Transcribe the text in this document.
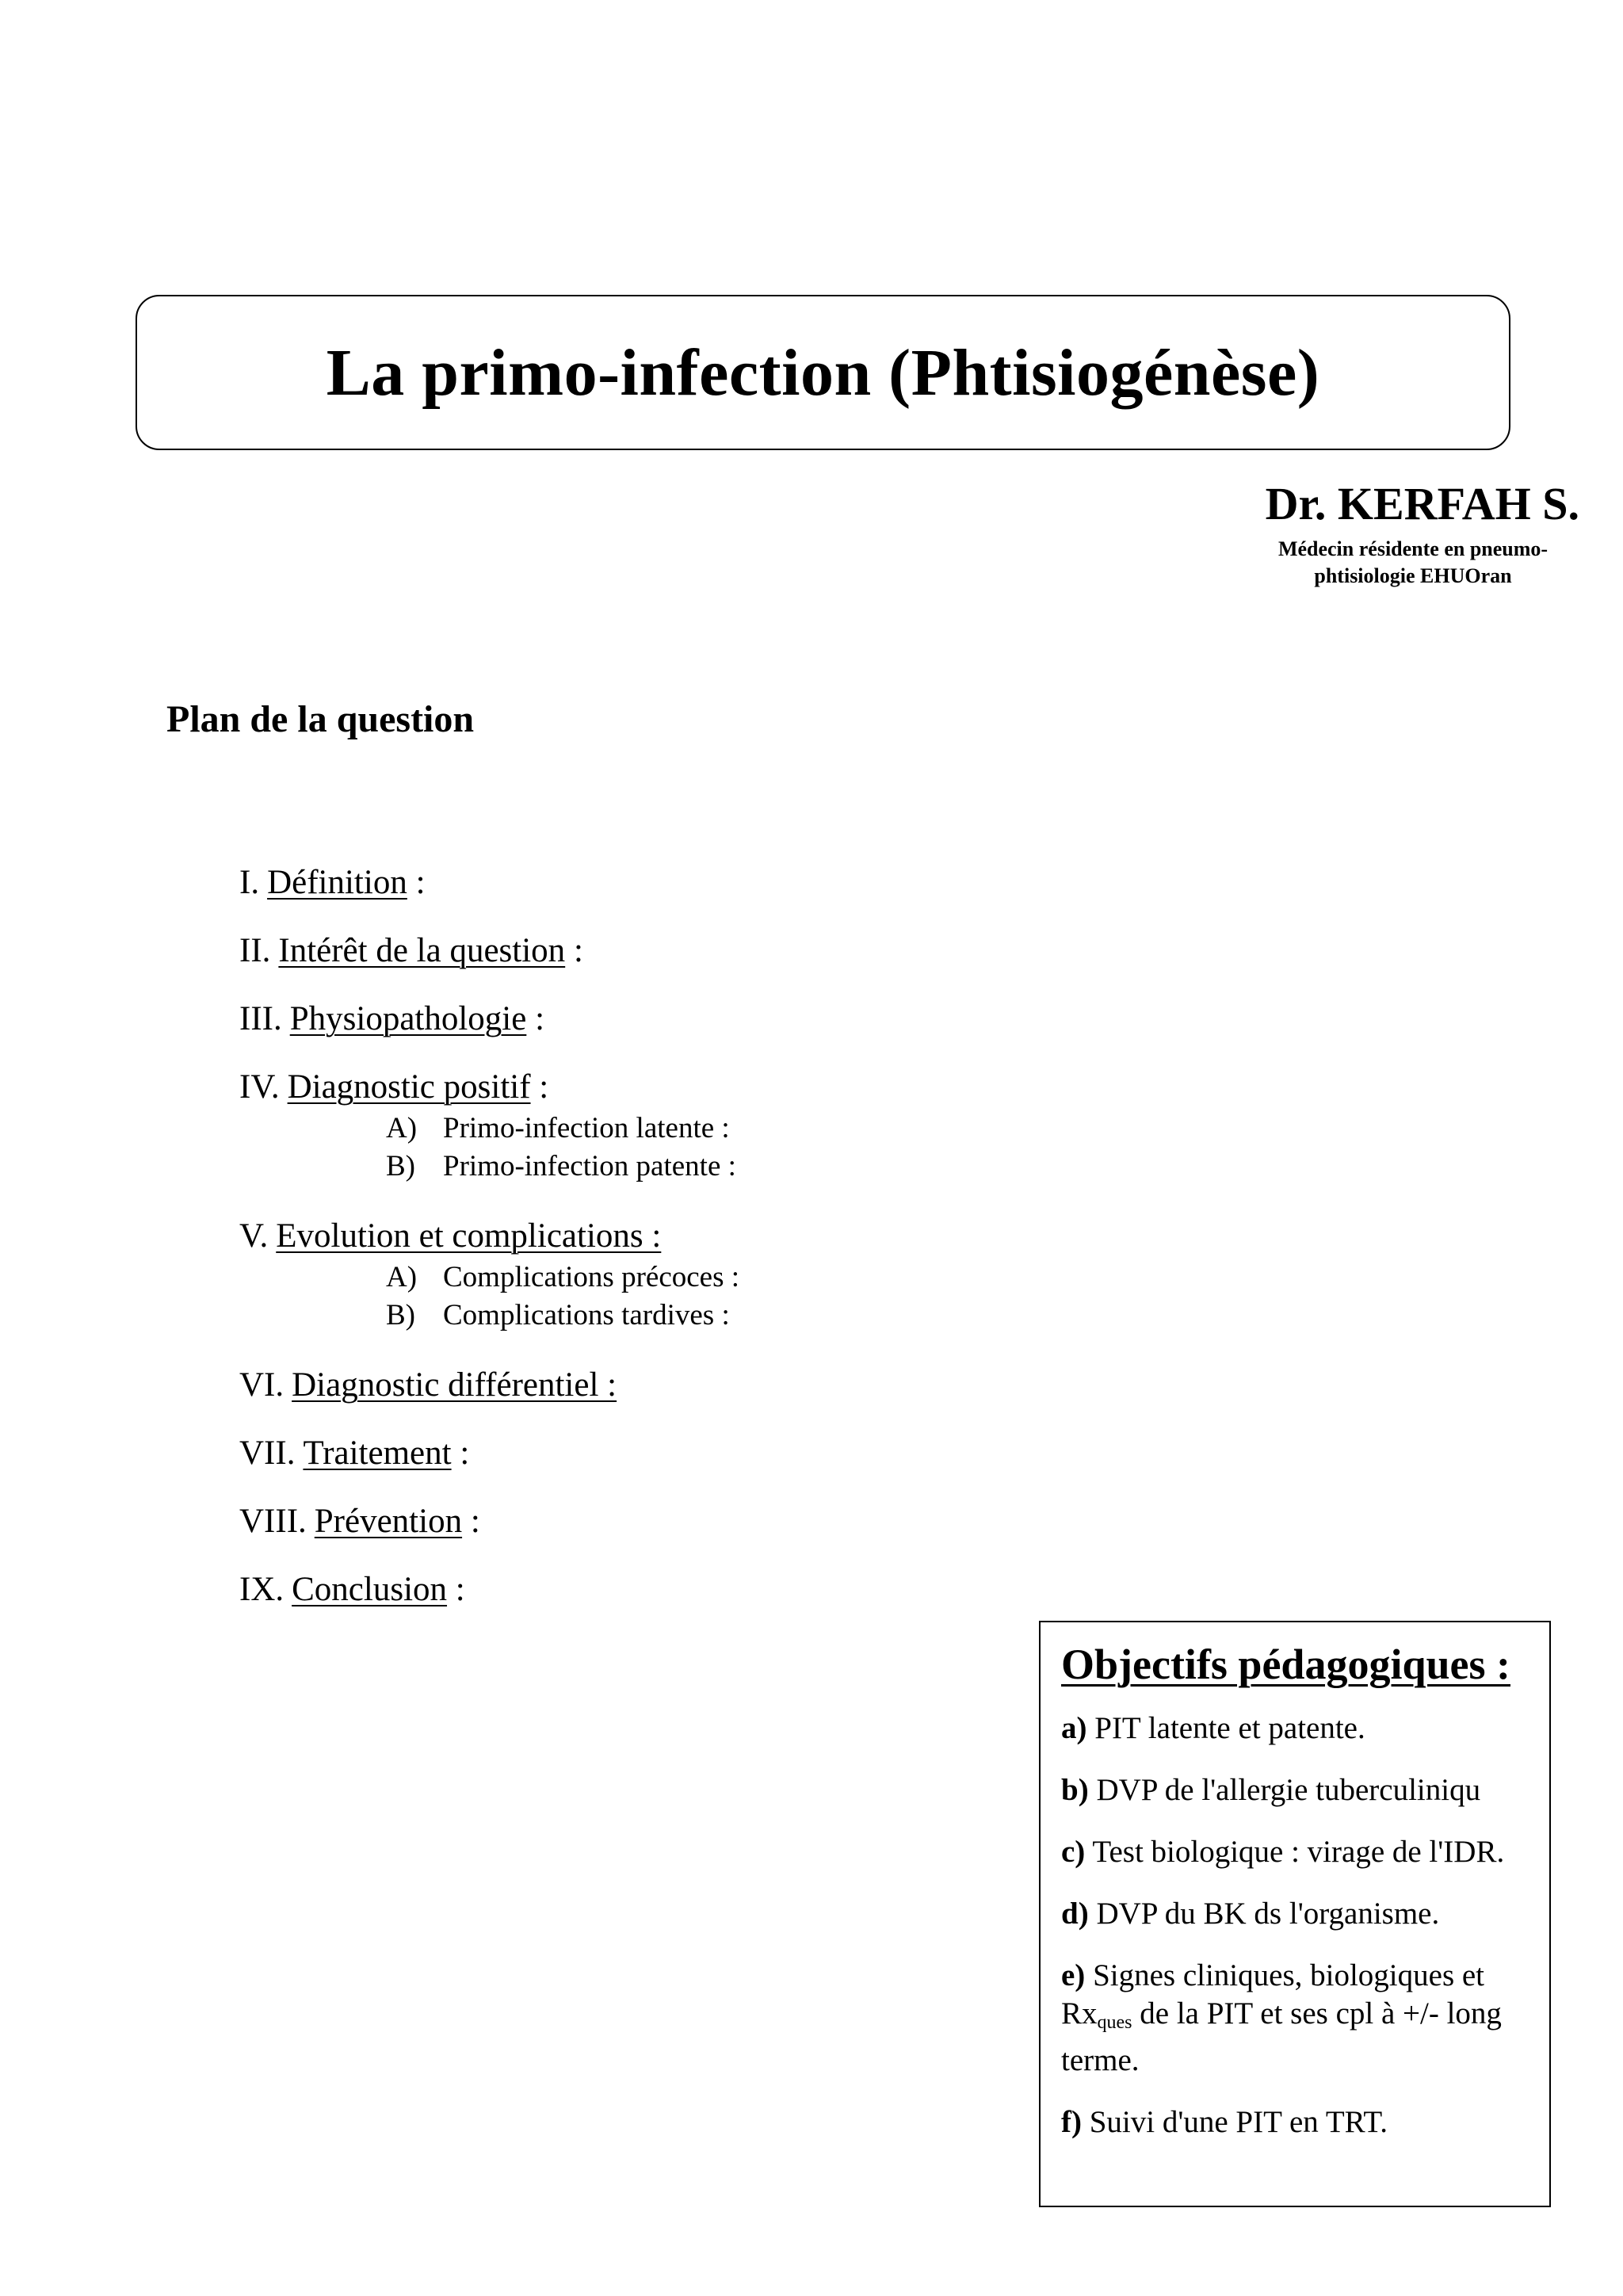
La primo-infection (Phtisiogénèse)
Dr. KERFAH S.
Médecin résidente en pneumo-
phtisiologie EHUOran
Plan de la question
I. Définition :
II. Intérêt de la question :
III. Physiopathologie :
IV. Diagnostic positif :
A) Primo-infection latente :
B) Primo-infection patente :
V. Evolution et complications :
A) Complications précoces :
B) Complications tardives :
VI. Diagnostic différentiel :
VII. Traitement :
VIII. Prévention :
IX. Conclusion :
Objectifs pédagogiques :

a) PIT latente et patente.

b) DVP de l'allergie tuberculiniqu

c) Test biologique : virage de l'IDR.

d) DVP du BK ds l'organisme.

e) Signes cliniques, biologiques et $Rx_{ques}$ de la PIT et ses cpl à +/- long terme.

f) Suivi d'une PIT en TRT.
